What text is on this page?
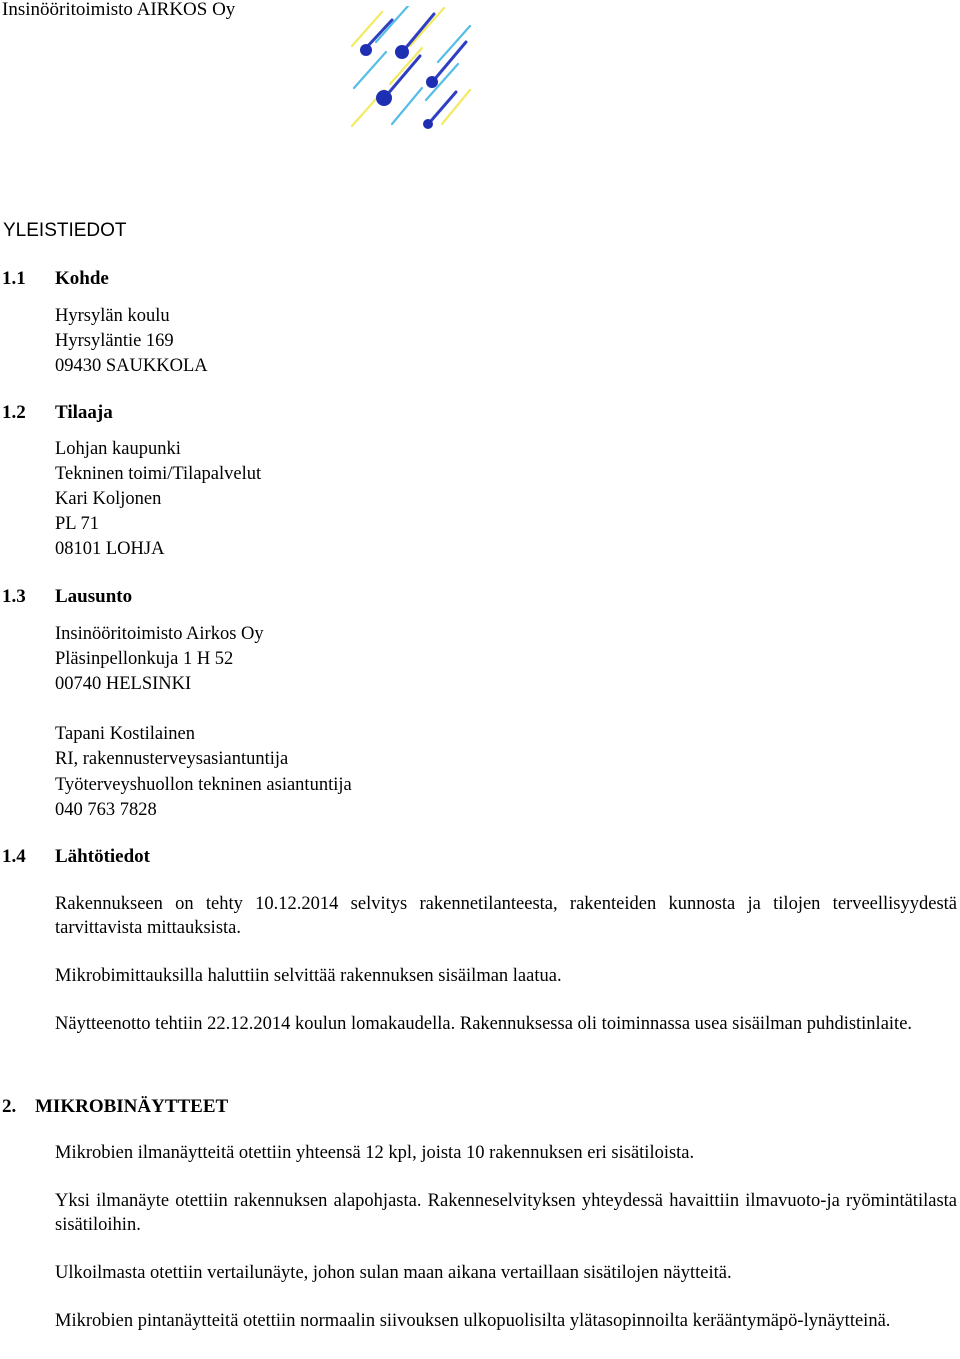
Insinööritoimisto AIRKOS Oy
YLEISTIEDOT
1.1 Kohde
Hyrsylän koulu
Hyrsyläntie 169
09430 SAUKKOLA
1.2 Tilaaja
Lohjan kaupunki
Tekninen toimi/Tilapalvelut
Kari Koljonen
PL 71
08101 LOHJA
1.3 Lausunto
Insinööritoimisto Airkos Oy
Pläsinpellonkuja 1 H 52
00740 HELSINKI
Tapani Kostilainen
RI, rakennusterveysasiantuntija
Työterveyshuollon tekninen asiantuntija
040 763 7828
1.4 Lähtötiedot

Rakennukseen on tehty 10.12.2014 selvitys rakennetilanteesta, rakenteiden kunnosta ja tilojen terveellisyydestä tarvittavista mittauksista.

Mikrobimittauksilla haluttiin selvittää rakennuksen sisäilman laatua.

Näytteenotto tehtiin 22.12.2014 koulun lomakaudella. Rakennuksessa oli toiminnassa usea sisäilman puhdistinlaite.

2. MIKROBINÄYTTEET

Mikrobien ilmanäytteitä otettiin yhteensä 12 kpl, joista 10 rakennuksen eri sisätiloista.

Yksi ilmanäyte otettiin rakennuksen alapohjasta. Rakenneselvityksen yhteydessä havaittiin ilmavuoto-ja ryömintätilasta sisätiloihin.

Ulkoilmasta otettiin vertailunäyte, johon sulan maan aikana vertaillaan sisätilojen näytteitä.

Mikrobien pintanäytteitä otettiin normaalin siivouksen ulkopuolisilta ylätasopinnoilta kerääntymäpö-lynäytteinä.
